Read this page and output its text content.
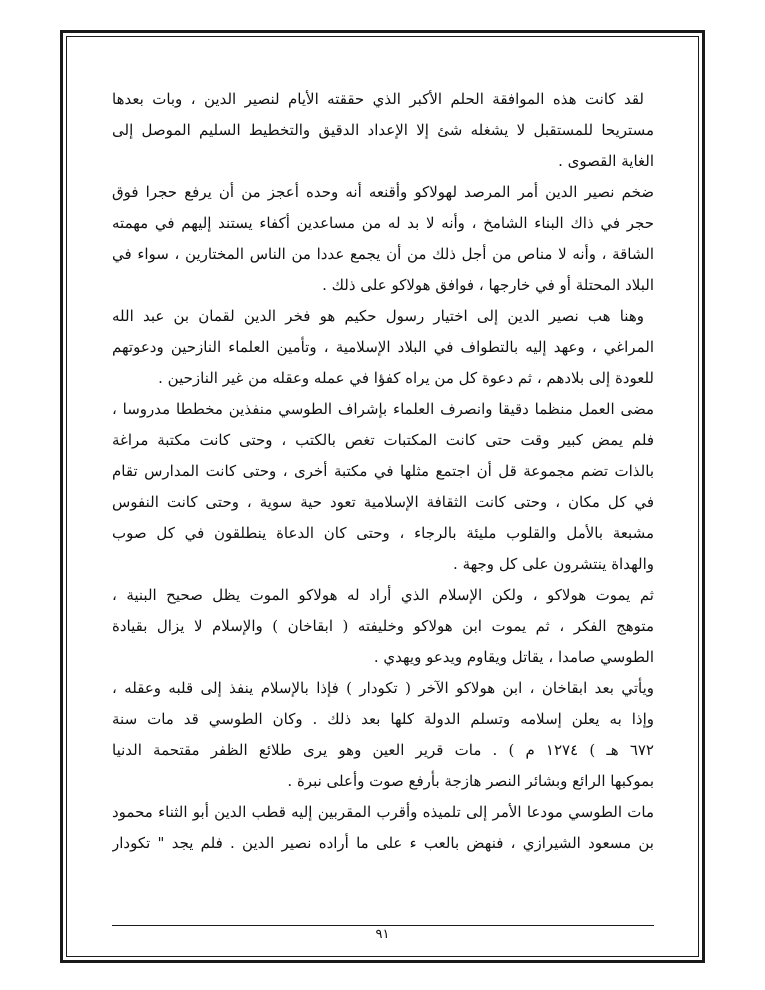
لقد كانت هذه الموافقة الحلم الأكبر الذي حققته الأيام لنصير الدين ، وبات بعدها
مستريحا للمستقبل لا يشغله شئ إلا الإعداد الدقيق والتخطيط السليم الموصل إلى
الغاية القصوى .
ضخم نصير الدين أمر المرصد لهولاكو وأقنعه أنه وحده أعجز من أن يرفع حجرا فوق
حجر في ذاك البناء الشامخ ، وأنه لا بد له من مساعدين أكفاء يستند إليهم في مهمته
الشاقة ، وأنه لا مناص من أجل ذلك من أن يجمع عددا من الناس المختارين ، سواء في
البلاد المحتلة أو في خارجها ، فوافق هولاكو على ذلك .
وهنا هب نصير الدين إلى اختيار رسول حكيم هو فخر الدين لقمان بن عبد الله
المراغي ، وعهد إليه بالتطواف في البلاد الإسلامية ، وتأمين العلماء النازحين ودعوتهم
للعودة إلى بلادهم ، ثم دعوة كل من يراه كفؤا في عمله وعقله من غير النازحين .
مضى العمل منظما دقيقا وانصرف العلماء بإشراف الطوسي منفذين مخططا مدروسا ،
فلم يمض كبير وقت حتى كانت المكتبات تغص بالكتب ، وحتى كانت مكتبة مراغة
بالذات تضم مجموعة قل أن اجتمع مثلها في مكتبة أخرى ، وحتى كانت المدارس تقام
في كل مكان ، وحتى كانت الثقافة الإسلامية تعود حية سوية ، وحتى كانت النفوس
مشبعة بالأمل والقلوب مليئة بالرجاء ، وحتى كان الدعاة ينطلقون في كل صوب
والهداة ينتشرون على كل وجهة .
ثم يموت هولاكو ، ولكن الإسلام الذي أراد له هولاكو الموت يظل صحيح البنية ،
متوهج الفكر ، ثم يموت ابن هولاكو وخليفته ( ابقاخان ) والإسلام لا يزال بقيادة
الطوسي صامدا ، يقاتل ويقاوم ويدعو ويهدي .
ويأتي بعد ابقاخان ، ابن هولاكو الآخر ( تكودار ) فإذا بالإسلام ينفذ إلى قلبه وعقله ،
وإذا به يعلن إسلامه وتسلم الدولة كلها بعد ذلك . وكان الطوسي قد مات سنة
٦٧٢ هـ ) ١٢٧٤ م ) . مات قرير العين وهو يرى طلائع الظفر مقتحمة الدنيا
بموكبها الرائع وبشائر النصر هازجة بأرفع صوت وأعلى نبرة .
مات الطوسي مودعا الأمر إلى تلميذه وأقرب المقربين إليه قطب الدين أبو الثناء محمود
بن مسعود الشيرازي ، فنهض بالعب ء على ما أراده نصير الدين . فلم يجد " تكودار
٩١
